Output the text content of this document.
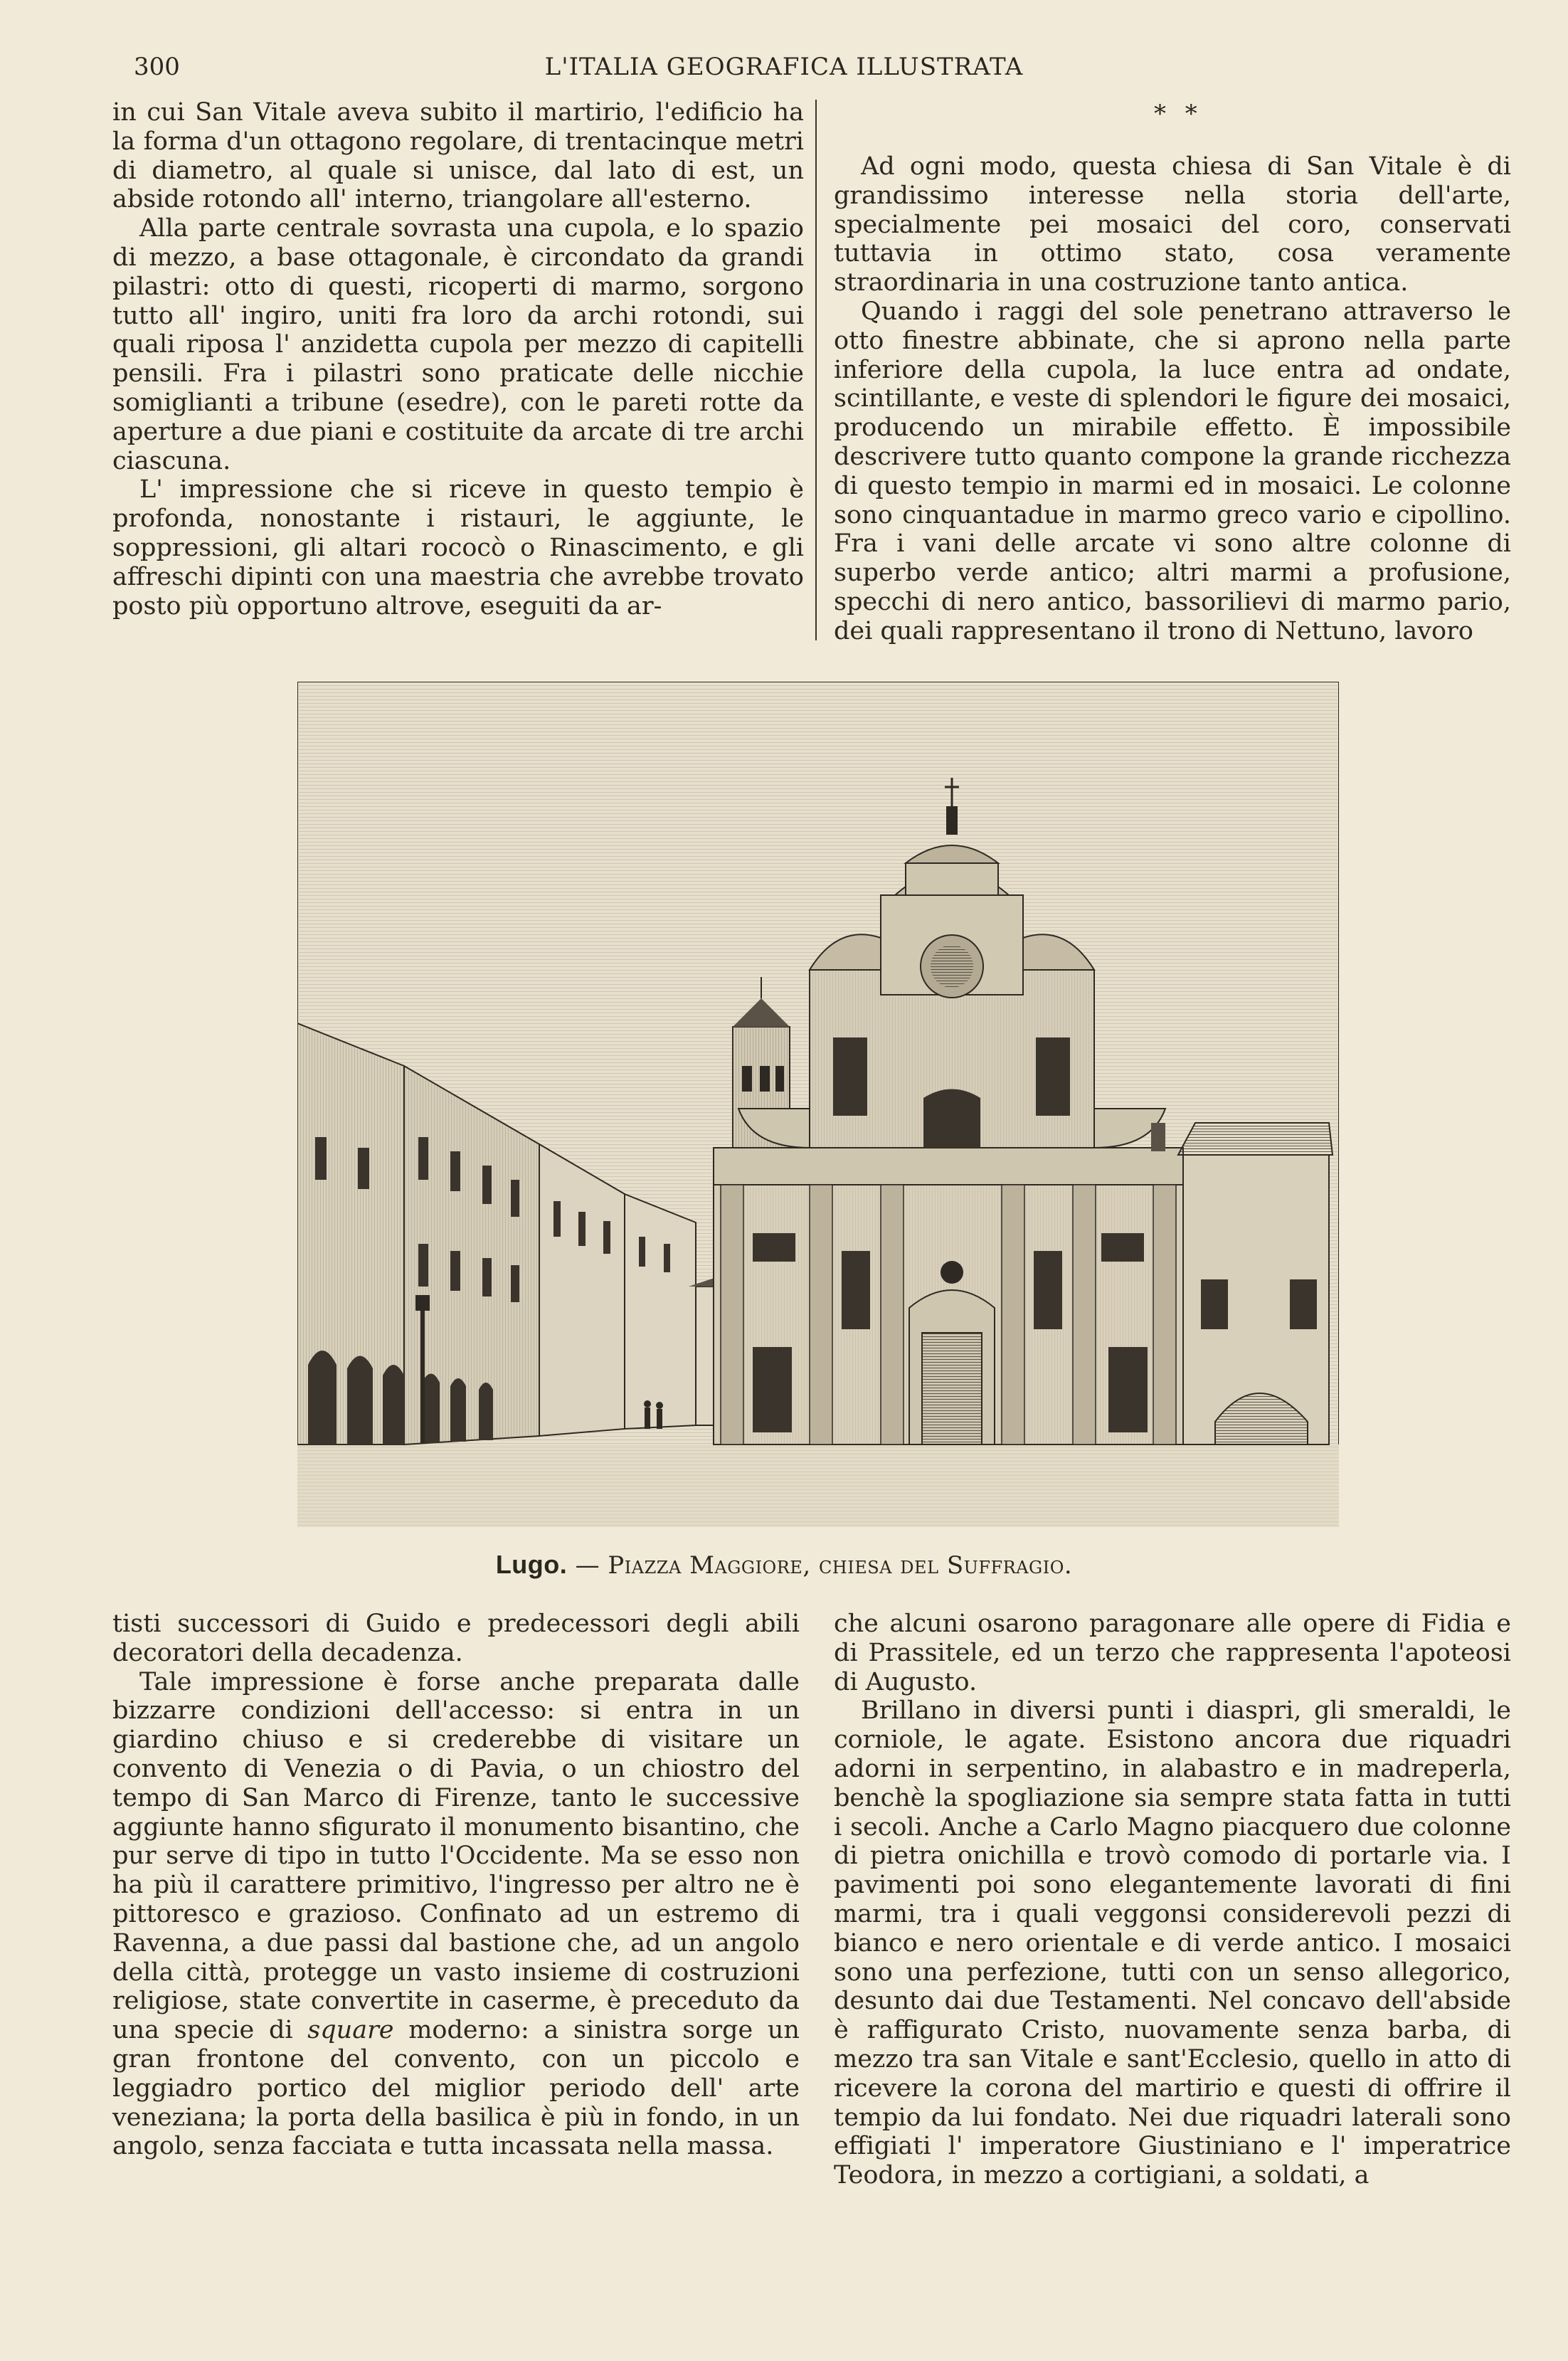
300	L'ITALIA GEOGRAFICA ILLUSTRATA

in cui San Vitale aveva subito il martirio, l'edificio ha la forma d'un ottagono regolare, di trentacinque metri di diametro, al quale si unisce, dal lato di est, un abside rotondo all' interno, triangolare all'esterno.

Alla parte centrale sovrasta una cupola, e lo spazio di mezzo, a base ottagonale, è circondato da grandi pilastri: otto di questi, ricoperti di marmo, sorgono tutto all' ingiro, uniti fra loro da archi rotondi, sui quali riposa l' anzidetta cupola per mezzo di capitelli pensili. Fra i pilastri sono praticate delle nicchie somiglianti a tribune (esedre), con le pareti rotte da aperture a due piani e costituite da arcate di tre archi ciascuna.

L' impressione che si riceve in questo tempio è profonda, nonostante i ristauri, le aggiunte, le soppressioni, gli altari rococò o Rinascimento, e gli affreschi dipinti con una maestria che avrebbe trovato posto più opportuno altrove, eseguiti da ar-

* *

Ad ogni modo, questa chiesa di San Vitale è di grandissimo interesse nella storia dell'arte, specialmente pei mosaici del coro, conservati tuttavia in ottimo stato, cosa veramente straordinaria in una costruzione tanto antica.

Quando i raggi del sole penetrano attraverso le otto finestre abbinate, che si aprono nella parte inferiore della cupola, la luce entra ad ondate, scintillante, e veste di splendori le figure dei mosaici, producendo un mirabile effetto. È impossibile descrivere tutto quanto compone la grande ricchezza di questo tempio in marmi ed in mosaici. Le colonne sono cinquantadue in marmo greco vario e cipollino. Fra i vani delle arcate vi sono altre colonne di superbo verde antico; altri marmi a profusione, specchi di nero antico, bassorilievi di marmo pario, dei quali rappresentano il trono di Nettuno, lavoro

Lugo. — Piazza Maggiore, chiesa del Suffragio.

tisti successori di Guido e predecessori degli abili decoratori della decadenza.

Tale impressione è forse anche preparata dalle bizzarre condizioni dell'accesso: si entra in un giardino chiuso e si crederebbe di visitare un convento di Venezia o di Pavia, o un chiostro del tempo di San Marco di Firenze, tanto le successive aggiunte hanno sfigurato il monumento bisantino, che pur serve di tipo in tutto l'Occidente. Ma se esso non ha più il carattere primitivo, l'ingresso per altro ne è pittoresco e grazioso. Confinato ad un estremo di Ravenna, a due passi dal bastione che, ad un angolo della città, protegge un vasto insieme di costruzioni religiose, state convertite in caserme, è preceduto da una specie di square moderno: a sinistra sorge un gran frontone del convento, con un piccolo e leggiadro portico del miglior periodo dell' arte veneziana; la porta della basilica è più in fondo, in un angolo, senza facciata e tutta incassata nella massa.

che alcuni osarono paragonare alle opere di Fidia e di Prassitele, ed un terzo che rappresenta l'apoteosi di Augusto.

Brillano in diversi punti i diaspri, gli smeraldi, le corniole, le agate. Esistono ancora due riquadri adorni in serpentino, in alabastro e in madreperla, benchè la spogliazione sia sempre stata fatta in tutti i secoli. Anche a Carlo Magno piacquero due colonne di pietra onichilla e trovò comodo di portarle via. I pavimenti poi sono elegantemente lavorati di fini marmi, tra i quali veggonsi considerevoli pezzi di bianco e nero orientale e di verde antico. I mosaici sono una perfezione, tutti con un senso allegorico, desunto dai due Testamenti. Nel concavo dell'abside è raffigurato Cristo, nuovamente senza barba, di mezzo tra san Vitale e sant'Ecclesio, quello in atto di ricevere la corona del martirio e questi di offrire il tempio da lui fondato. Nei due riquadri laterali sono effigiati l' imperatore Giustiniano e l' imperatrice Teodora, in mezzo a cortigiani, a soldati, a
